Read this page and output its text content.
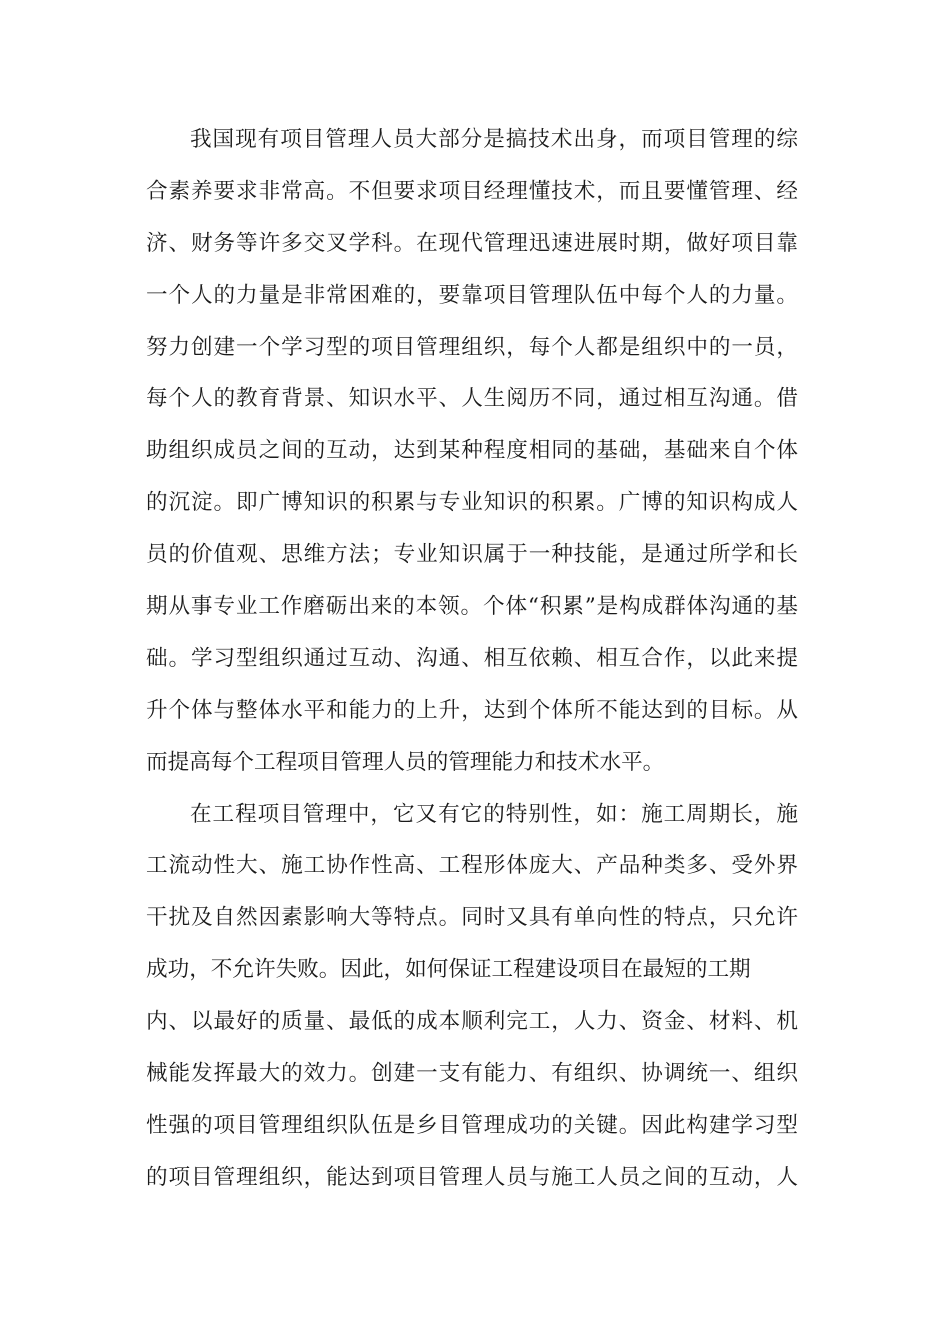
我国现有项目管理人员大部分是搞技术出身，而项目管理的综
合素养要求非常高。不但要求项目经理懂技术，而且要懂管理、经
济、财务等许多交叉学科。在现代管理迅速进展时期，做好项目靠
一个人的力量是非常困难的，要靠项目管理队伍中每个人的力量。
努力创建一个学习型的项目管理组织，每个人都是组织中的一员，
每个人的教育背景、知识水平、人生阅历不同，通过相互沟通。借
助组织成员之间的互动，达到某种程度相同的基础，基础来自个体
的沉淀。即广博知识的积累与专业知识的积累。广博的知识构成人
员的价值观、思维方法；专业知识属于一种技能，是通过所学和长
期从事专业工作磨砺出来的本领。个体“积累”是构成群体沟通的基
础。学习型组织通过互动、沟通、相互依赖、相互合作，以此来提
升个体与整体水平和能力的上升，达到个体所不能达到的目标。从
而提高每个工程项目管理人员的管理能力和技术水平。
在工程项目管理中，它又有它的特别性，如：施工周期长，施
工流动性大、施工协作性高、工程形体庞大、产品种类多、受外界
干扰及自然因素影响大等特点。同时又具有单向性的特点，只允许
成功，不允许失败。因此，如何保证工程建设项目在最短的工期
内、以最好的质量、最低的成本顺利完工，人力、资金、材料、机
械能发挥最大的效力。创建一支有能力、有组织、协调统一、组织
性强的项目管理组织队伍是乡目管理成功的关键。因此构建学习型
的项目管理组织，能达到项目管理人员与施工人员之间的互动，人
